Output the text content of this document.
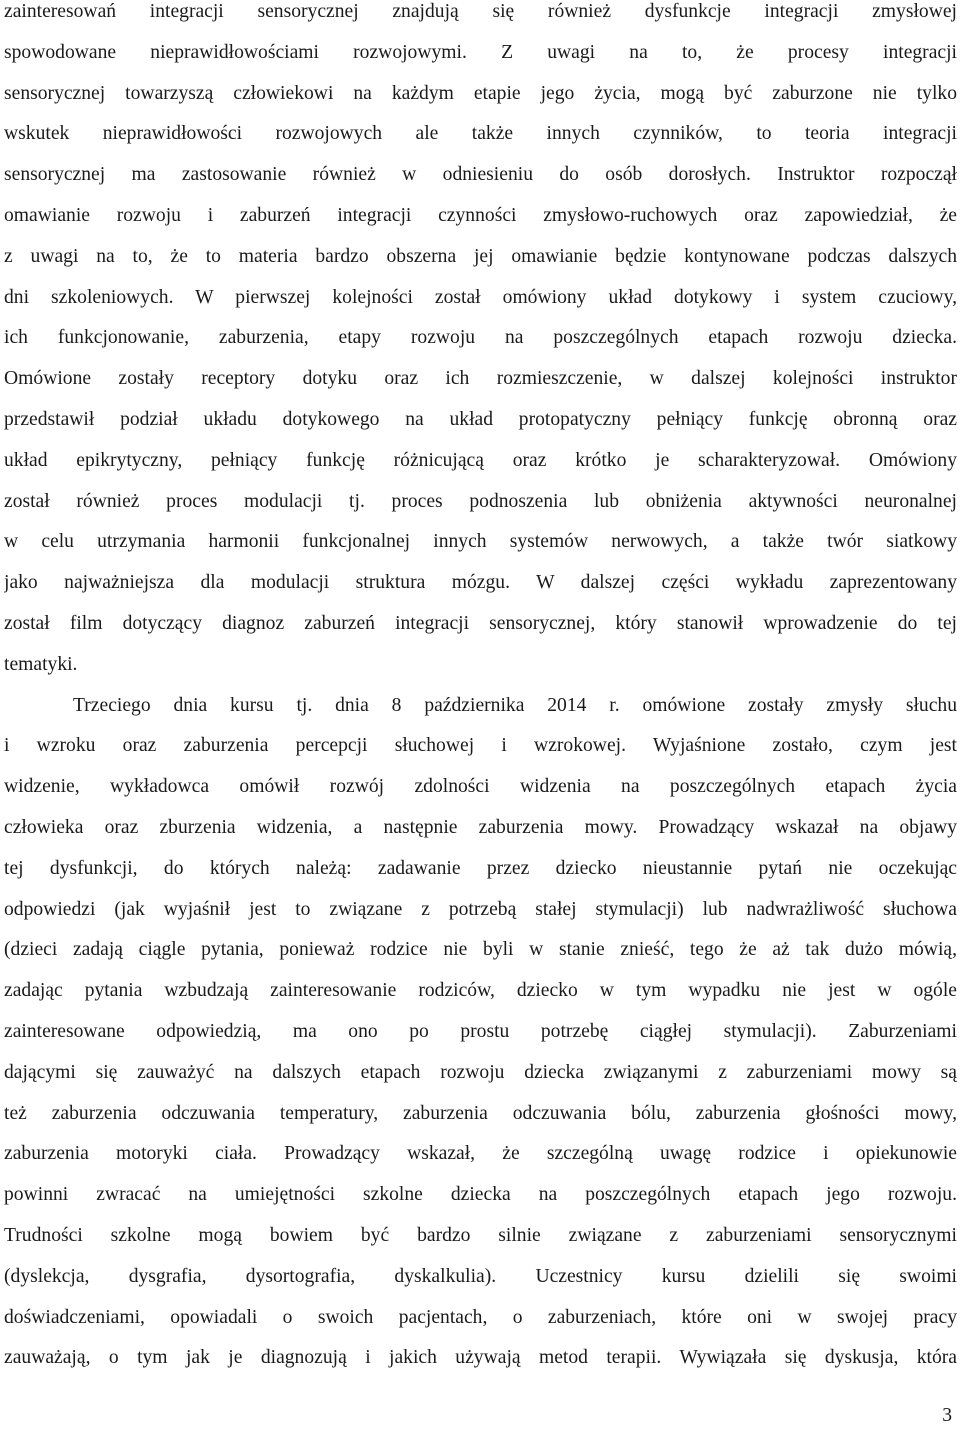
zainteresowań integracji sensorycznej znajdują się również dysfunkcje integracji zmysłowej
spowodowane nieprawidłowościami rozwojowymi. Z uwagi na to, że procesy integracji
sensorycznej towarzyszą człowiekowi na każdym etapie jego życia, mogą być zaburzone nie tylko
wskutek nieprawidłowości rozwojowych ale także innych czynników, to teoria integracji
sensorycznej ma zastosowanie również w odniesieniu do osób dorosłych. Instruktor rozpoczął
omawianie rozwoju i zaburzeń integracji czynności zmysłowo-ruchowych oraz zapowiedział, że
z uwagi na to, że to materia bardzo obszerna jej omawianie będzie kontynowane podczas dalszych
dni szkoleniowych. W pierwszej kolejności został omówiony układ dotykowy i system czuciowy,
ich funkcjonowanie, zaburzenia, etapy rozwoju na poszczególnych etapach rozwoju dziecka.
Omówione zostały receptory dotyku oraz ich rozmieszczenie, w dalszej kolejności instruktor
przedstawił podział układu dotykowego na układ protopatyczny pełniący funkcję obronną oraz
układ epikrytyczny, pełniący funkcję różnicującą oraz krótko je scharakteryzował. Omówiony
został również proces modulacji tj. proces podnoszenia lub obniżenia aktywności neuronalnej
w celu utrzymania harmonii funkcjonalnej innych systemów nerwowych, a także twór siatkowy
jako najważniejsza dla modulacji struktura mózgu. W dalszej części wykładu zaprezentowany
został film dotyczący diagnoz zaburzeń integracji sensorycznej, który stanowił wprowadzenie do tej
tematyki.
Trzeciego dnia kursu tj. dnia 8 października 2014 r. omówione zostały zmysły słuchu
i wzroku oraz zaburzenia percepcji słuchowej i wzrokowej. Wyjaśnione zostało, czym jest
widzenie, wykładowca omówił rozwój zdolności widzenia na poszczególnych etapach życia
człowieka oraz zburzenia widzenia, a następnie zaburzenia mowy. Prowadzący wskazał na objawy
tej dysfunkcji, do których należą: zadawanie przez dziecko nieustannie pytań nie oczekując
odpowiedzi (jak wyjaśnił jest to związane z potrzebą stałej stymulacji) lub nadwrażliwość słuchowa
(dzieci zadają ciągle pytania, ponieważ rodzice nie byli w stanie znieść, tego że aż tak dużo mówią,
zadając pytania wzbudzają zainteresowanie rodziców, dziecko w tym wypadku nie jest w ogóle
zainteresowane odpowiedzią, ma ono po prostu potrzebę ciągłej stymulacji). Zaburzeniami
dającymi się zauważyć na dalszych etapach rozwoju dziecka związanymi z zaburzeniami mowy są
też zaburzenia odczuwania temperatury, zaburzenia odczuwania bólu, zaburzenia głośności mowy,
zaburzenia motoryki ciała. Prowadzący wskazał, że szczególną uwagę rodzice i opiekunowie
powinni zwracać na umiejętności szkolne dziecka na poszczególnych etapach jego rozwoju.
Trudności szkolne mogą bowiem być bardzo silnie związane z zaburzeniami sensorycznymi
(dyslekcja, dysgrafia, dysortografia, dyskalkulia). Uczestnicy kursu dzielili się swoimi
doświadczeniami, opowiadali o swoich pacjentach, o zaburzeniach, które oni w swojej pracy
zauważają, o tym jak je diagnozują i jakich używają metod terapii. Wywiązała się dyskusja, która
3
